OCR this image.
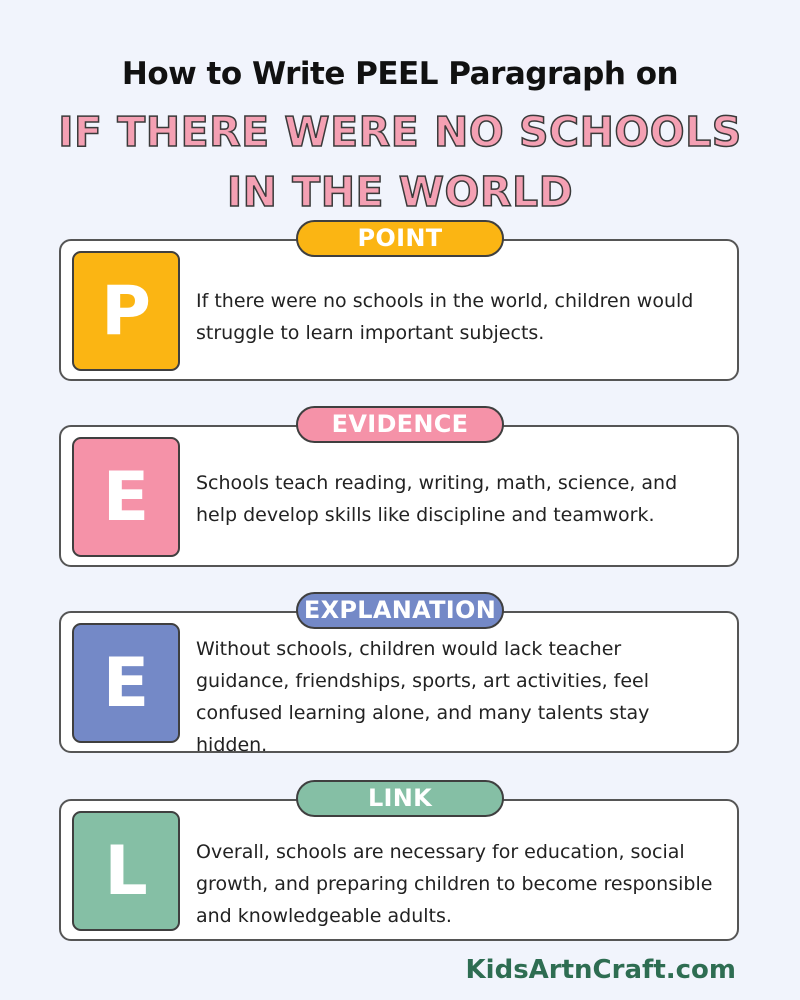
How to Write PEEL Paragraph on
IF THERE WERE NO SCHOOLS
IN THE WORLD
POINT
P	If there were no schools in the world, children would struggle to learn important subjects.
EVIDENCE
E	Schools teach reading, writing, math, science, and help develop skills like discipline and teamwork.
EXPLANATION
E	Without schools, children would lack teacher guidance, friendships, sports, art activities, feel confused learning alone, and many talents stay hidden.
LINK
L	Overall, schools are necessary for education, social growth, and preparing children to become responsible and knowledgeable adults.
KidsArtnCraft.com
